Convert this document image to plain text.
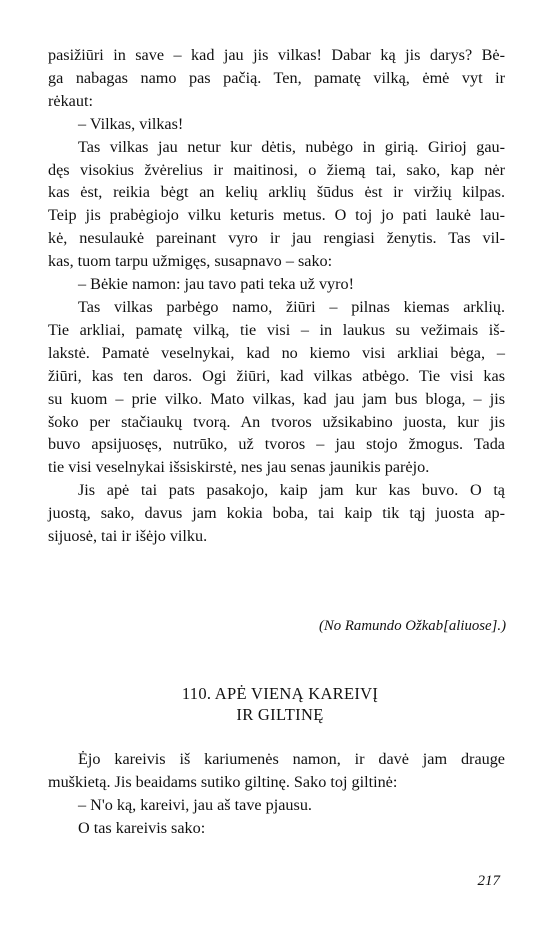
pasižiūri in save – kad jau jis vilkas! Dabar ką jis darys? Bė-
ga nabagas namo pas pačią. Ten, pamatę vilką, ėmė vyt ir
rėkaut:
– Vilkas, vilkas!
Tas vilkas jau netur kur dėtis, nubėgo in girią. Girioj gau-
dęs visokius žvėrelius ir maitinosi, o žiemą tai, sako, kap nėr
kas ėst, reikia bėgt an kelių arklių šūdus ėst ir viržių kilpas.
Teip jis prabėgiojo vilku keturis metus. O toj jo pati laukė lau-
kė, nesulaukė pareinant vyro ir jau rengiasi ženytis. Tas vil-
kas, tuom tarpu užmigęs, susapnavo – sako:
– Bėkie namon: jau tavo pati teka už vyro!
Tas vilkas parbėgo namo, žiūri – pilnas kiemas arklių.
Tie arkliai, pamatę vilką, tie visi – in laukus su vežimais iš-
lakstė. Pamatė veselnykai, kad no kiemo visi arkliai bėga, –
žiūri, kas ten daros. Ogi žiūri, kad vilkas atbėgo. Tie visi kas
su kuom – prie vilko. Mato vilkas, kad jau jam bus bloga, – jis
šoko per stačiaukų tvorą. An tvoros užsikabino juosta, kur jis
buvo apsijuosęs, nutrūko, už tvoros – jau stojo žmogus. Tada
tie visi veselnykai išsiskirstė, nes jau senas jaunikis parėjo.
Jis apė tai pats pasakojo, kaip jam kur kas buvo. O tą
juostą, sako, davus jam kokia boba, tai kaip tik tąj juosta ap-
sijuosė, tai ir išėjo vilku.
(No Ramundo Ožkab[aliuose].)
110. APĖ VIENĄ KAREIVĮ
IR GILTINĘ
Ėjo kareivis iš kariumenės namon, ir davė jam drauge
muškietą. Jis beaidams sutiko giltinę. Sako toj giltinė:
– N'o ką, kareivi, jau aš tave pjausu.
O tas kareivis sako:
217
